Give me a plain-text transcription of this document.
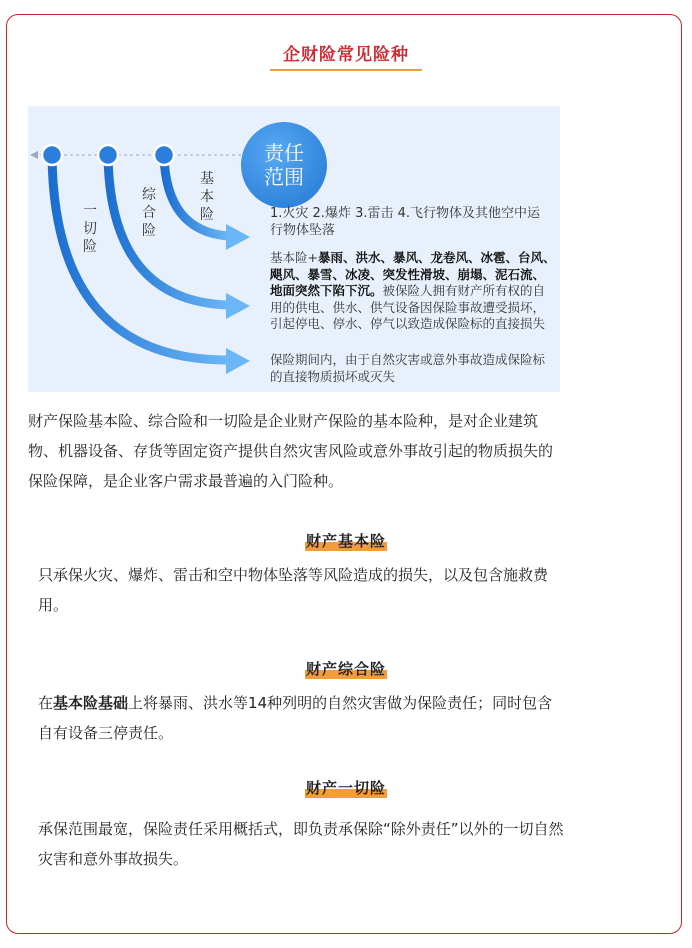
企财险常见险种
责任
范围
基本险
综合险
一切险
1.火灾 2.爆炸 3.雷击 4.飞行物体及其他空中运行物体坠落
基本险+暴雨、洪水、暴风、龙卷风、冰雹、台风、飓风、暴雪、冰凌、突发性滑坡、崩塌、泥石流、地面突然下陷下沉。被保险人拥有财产所有权的自用的供电、供水、供气设备因保险事故遭受损坏，引起停电、停水、停气以致造成保险标的直接损失
保险期间内，由于自然灾害或意外事故造成保险标的直接物质损坏或灭失
财产保险基本险、综合险和一切险是企业财产保险的基本险种，是对企业建筑物、机器设备、存货等固定资产提供自然灾害风险或意外事故引起的物质损失的保险保障，是企业客户需求最普遍的入门险种。
财产基本险
只承保火灾、爆炸、雷击和空中物体坠落等风险造成的损失，以及包含施救费用。
财产综合险
在基本险基础上将暴雨、洪水等14种列明的自然灾害做为保险责任；同时包含自有设备三停责任。
财产一切险
承保范围最宽，保险责任采用概括式，即负责承保除“除外责任”以外的一切自然灾害和意外事故损失。
